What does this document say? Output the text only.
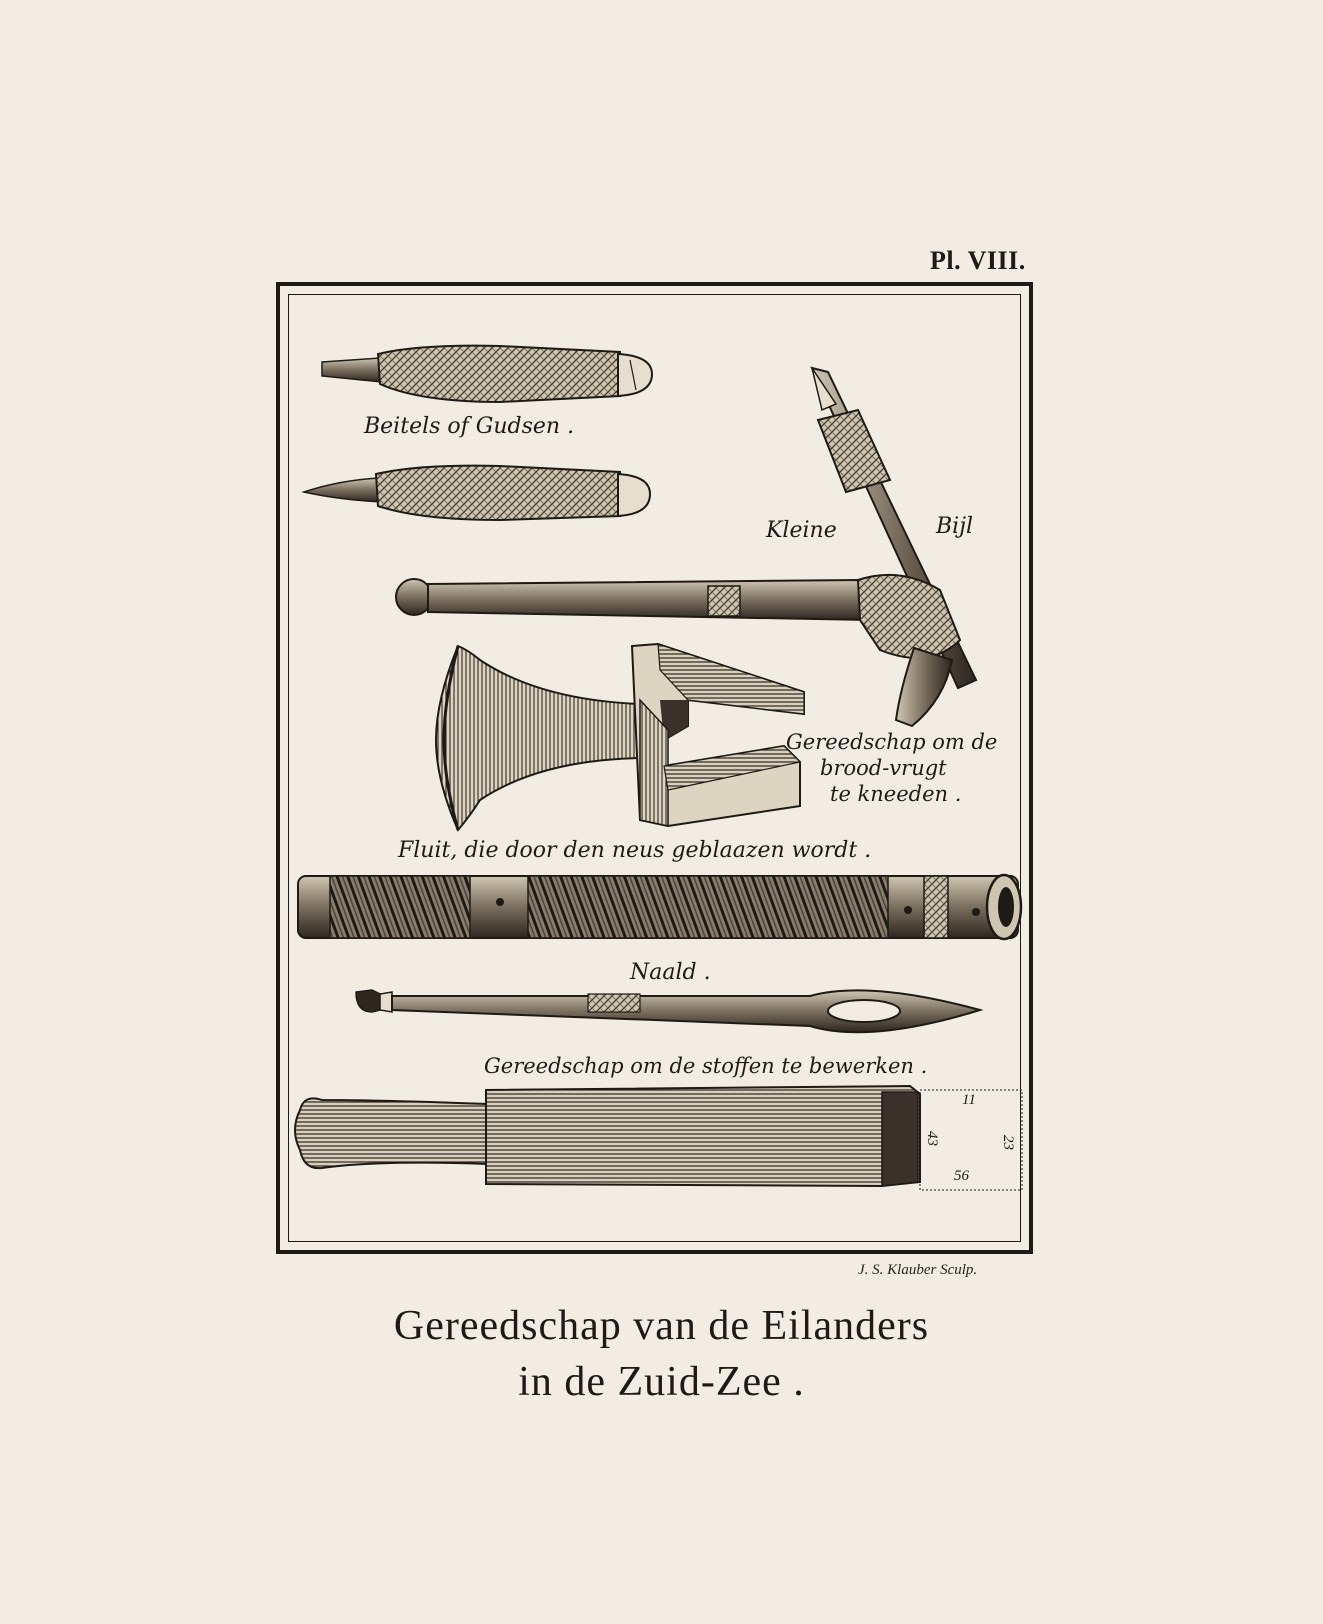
Pl. VIII.
Beitels of Gudsen .
Kleine	Bijl
Gereedschap om de
brood-vrugt
te kneeden .
Fluit, die door den neus geblaazen wordt .
Naald .
Gereedschap om de stoffen te bewerken .
11
43	23
56
J. S. Klauber Sculp.
Gereedschap van de Eilanders
in de Zuid-Zee .
